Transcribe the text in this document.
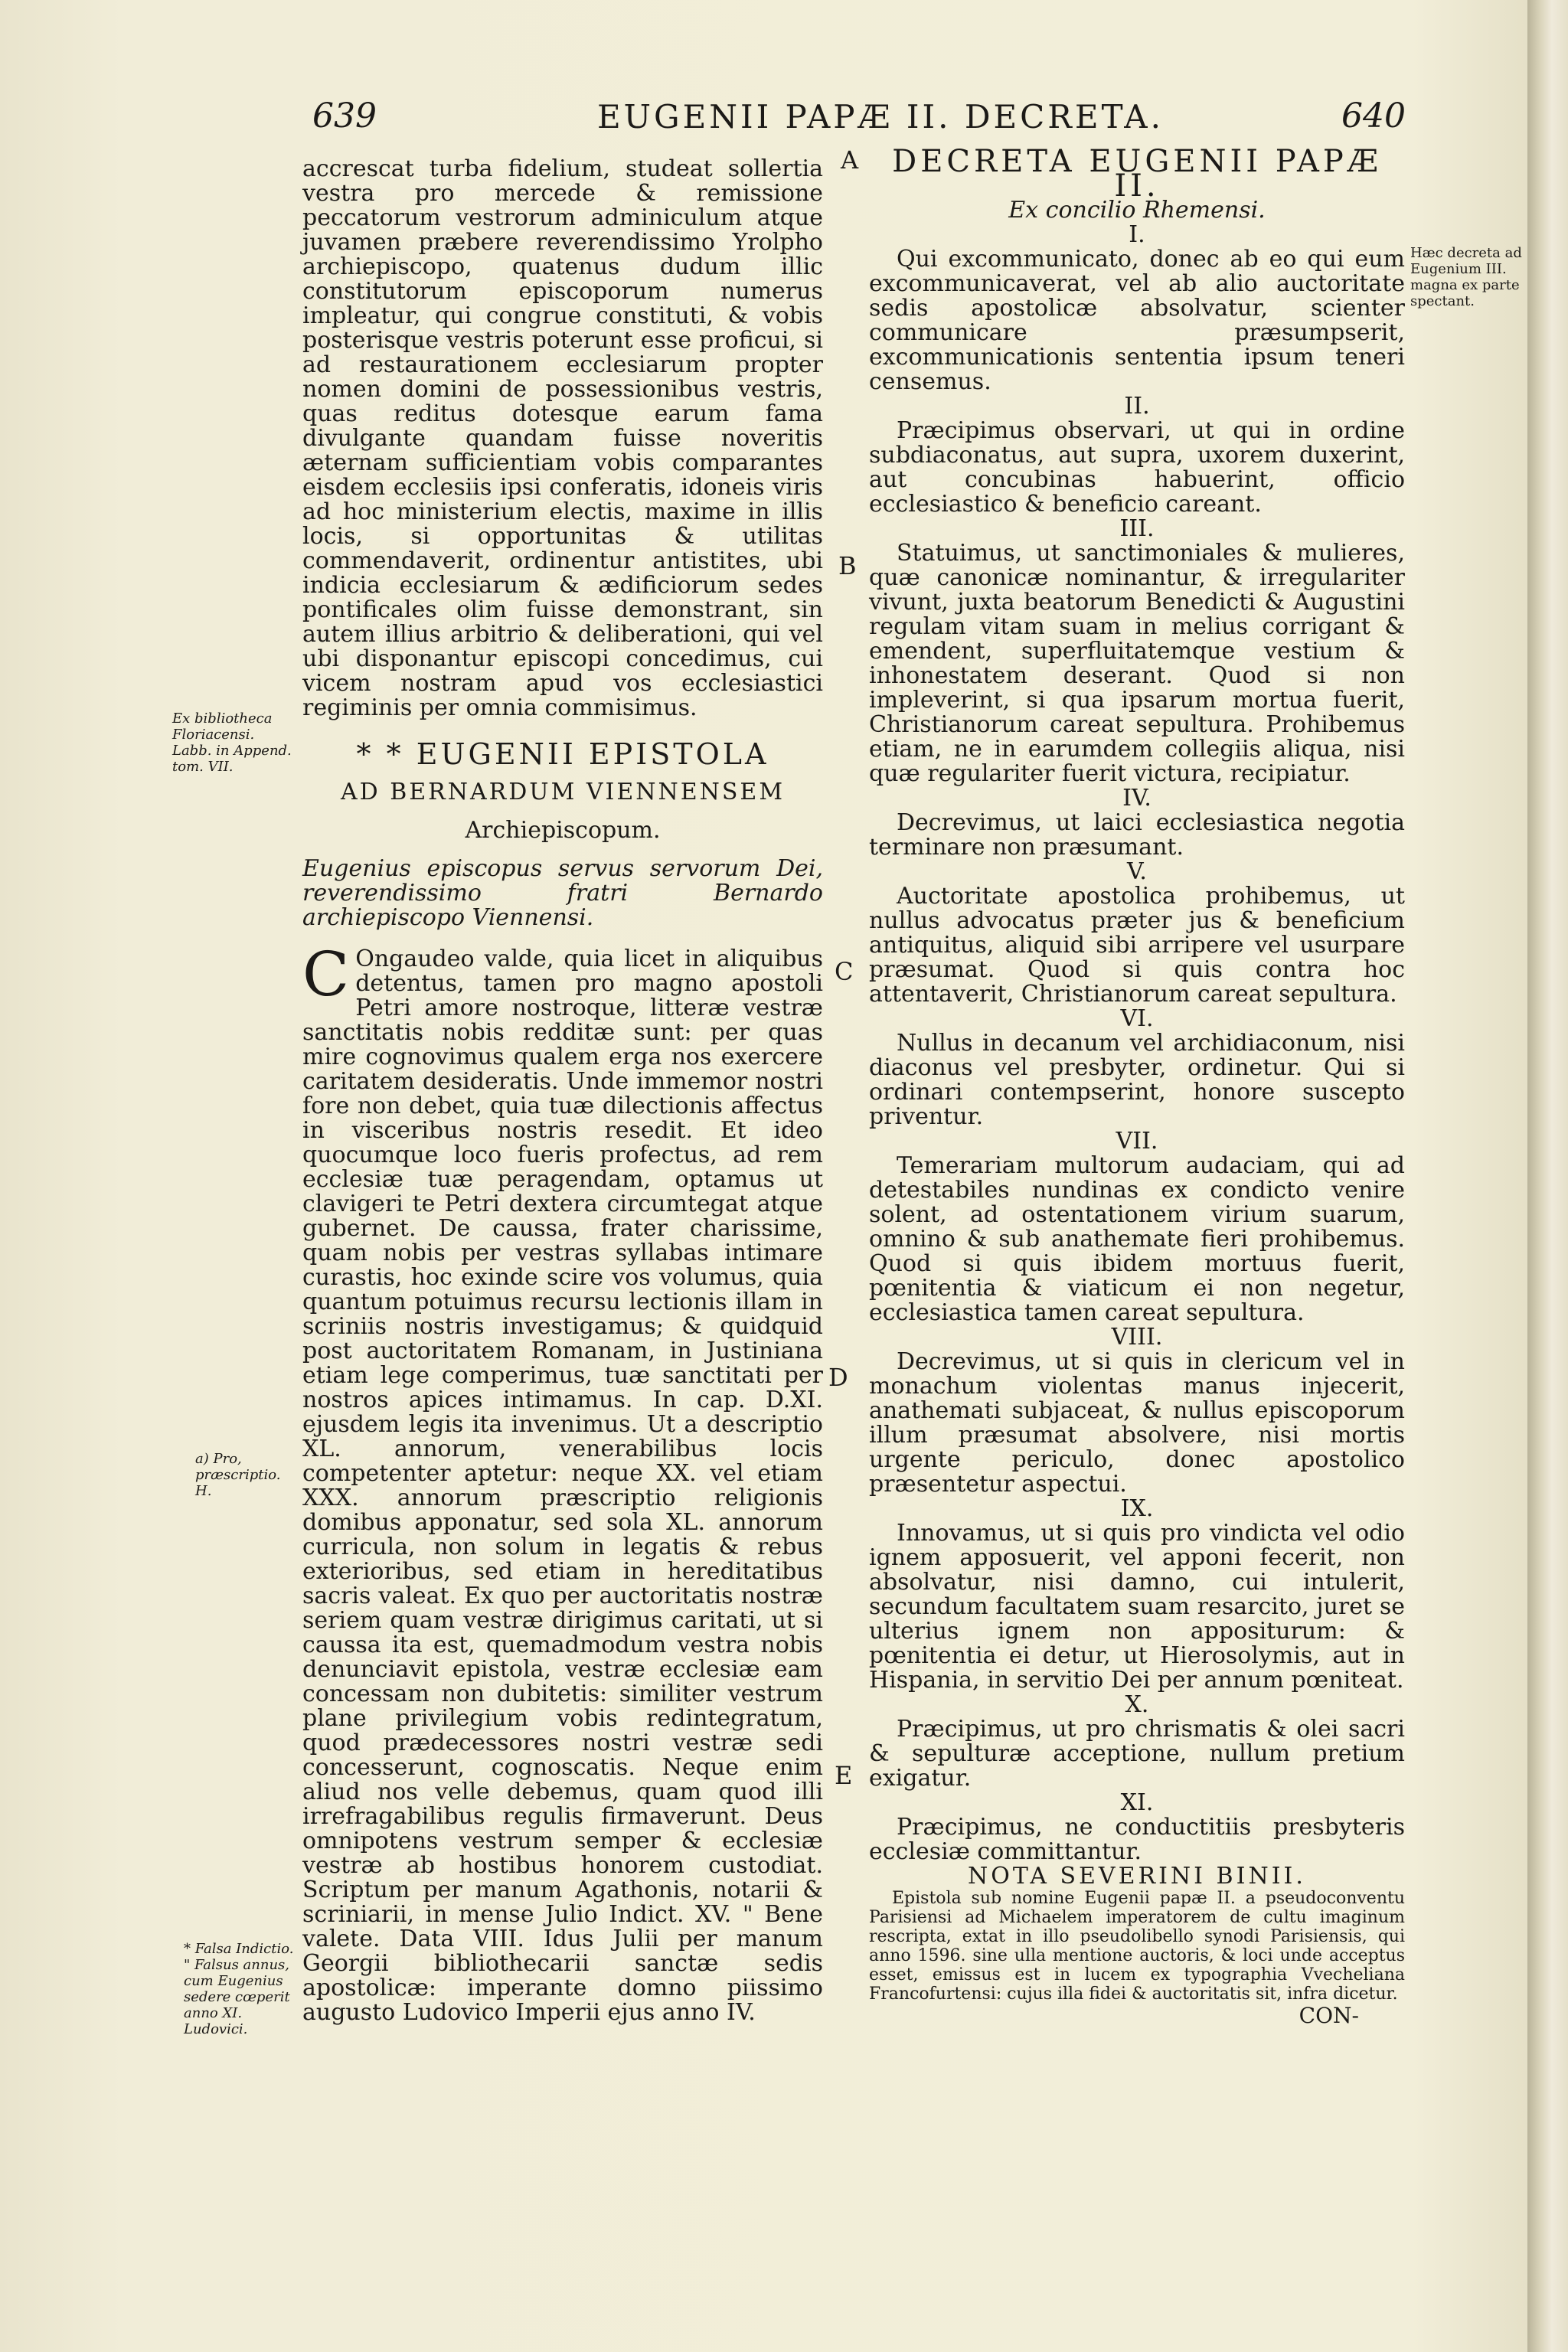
639	EUGENII PAPÆ II. DECRETA.	640
A
B
C
D
E
Ex bibliotheca Floriacensi. Labb. in Append. tom. VII.
a) Pro, præscriptio. H.
* Falsa Indictio. " Falsus annus, cum Eugenius sedere cœperit anno XI. Ludovici.
Hæc decreta ad Eugenium III. magna ex parte spectant.

accrescat turba fidelium, studeat sollertia vestra pro mercede & remissione peccatorum vestrorum adminiculum atque juvamen præbere reverendissimo Yrolpho archiepiscopo, quatenus dudum illic constitutorum episcoporum numerus impleatur, qui congrue constituti, & vobis posterisque vestris poterunt esse proficui, si ad restaurationem ecclesiarum propter nomen domini de possessionibus vestris, quas reditus dotesque earum fama divulgante quandam fuisse noveritis æternam sufficientiam vobis comparantes eisdem ecclesiis ipsi conferatis, idoneis viris ad hoc ministerium electis, maxime in illis locis, si opportunitas & utilitas commendaverit, ordinentur antistites, ubi indicia ecclesiarum & ædificiorum sedes pontificales olim fuisse demonstrant, sin autem illius arbitrio & deliberationi, qui vel ubi disponantur episcopi concedimus, cui vicem nostram apud vos ecclesiastici regiminis per omnia commisimus.

* * EUGENII EPISTOLA

AD BERNARDUM VIENNENSEM

Archiepiscopum.

Eugenius episcopus servus servorum Dei, reverendissimo fratri Bernardo archiepiscopo Viennensi.

C Ongaudeo valde, quia licet in aliquibus detentus, tamen pro magno apostoli Petri amore nostroque, litteræ vestræ sanctitatis nobis redditæ sunt: per quas mire cognovimus qualem erga nos exercere caritatem desideratis. Unde immemor nostri fore non debet, quia tuæ dilectionis affectus in visceribus nostris resedit. Et ideo quocumque loco fueris profectus, ad rem ecclesiæ tuæ peragendam, optamus ut clavigeri te Petri dextera circumtegat atque gubernet. De caussa, frater charissime, quam nobis per vestras syllabas intimare curastis, hoc exinde scire vos volumus, quia quantum potuimus recursu lectionis illam in scriniis nostris investigamus; & quidquid post auctoritatem Romanam, in Justiniana etiam lege comperimus, tuæ sanctitati per nostros apices intimamus. In cap. D.XI. ejusdem legis ita invenimus. Ut a descriptio XL. annorum, venerabilibus locis competenter aptetur: neque XX. vel etiam XXX. annorum præscriptio religionis domibus apponatur, sed sola XL. annorum curricula, non solum in legatis & rebus exterioribus, sed etiam in hereditatibus sacris valeat. Ex quo per auctoritatis nostræ seriem quam vestræ dirigimus caritati, ut si caussa ita est, quemadmodum vestra nobis denunciavit epistola, vestræ ecclesiæ eam concessam non dubitetis: similiter vestrum plane privilegium vobis redintegratum, quod prædecessores nostri vestræ sedi concesserunt, cognoscatis. Neque enim aliud nos velle debemus, quam quod illi irrefragabilibus regulis firmaverunt. Deus omnipotens vestrum semper & ecclesiæ vestræ ab hostibus honorem custodiat. Scriptum per manum Agathonis, notarii & scriniarii, in mense Julio Indict. XV. " Bene valete. Data VIII. Idus Julii per manum Georgii bibliothecarii sanctæ sedis apostolicæ: imperante domno piissimo augusto Ludovico Imperii ejus anno IV.

DECRETA EUGENII PAPÆ II.

Ex concilio Rhemensi.

I.

Qui excommunicato, donec ab eo qui eum excommunicaverat, vel ab alio auctoritate sedis apostolicæ absolvatur, scienter communicare præsumpserit, excommunicationis sententia ipsum teneri censemus.

II.

Præcipimus observari, ut qui in ordine subdiaconatus, aut supra, uxorem duxerint, aut concubinas habuerint, officio ecclesiastico & beneficio careant.

III.

Statuimus, ut sanctimoniales & mulieres, quæ canonicæ nominantur, & irregulariter vivunt, juxta beatorum Benedicti & Augustini regulam vitam suam in melius corrigant & emendent, superfluitatemque vestium & inhonestatem deserant. Quod si non impleverint, si qua ipsarum mortua fuerit, Christianorum careat sepultura. Prohibemus etiam, ne in earumdem collegiis aliqua, nisi quæ regulariter fuerit victura, recipiatur.

IV.

Decrevimus, ut laici ecclesiastica negotia terminare non præsumant.

V.

Auctoritate apostolica prohibemus, ut nullus advocatus præter jus & beneficium antiquitus, aliquid sibi arripere vel usurpare præsumat. Quod si quis contra hoc attentaverit, Christianorum careat sepultura.

VI.

Nullus in decanum vel archidiaconum, nisi diaconus vel presbyter, ordinetur. Qui si ordinari contempserint, honore suscepto priventur.

VII.

Temerariam multorum audaciam, qui ad detestabiles nundinas ex condicto venire solent, ad ostentationem virium suarum, omnino & sub anathemate fieri prohibemus. Quod si quis ibidem mortuus fuerit, pœnitentia & viaticum ei non negetur, ecclesiastica tamen careat sepultura.

VIII.

Decrevimus, ut si quis in clericum vel in monachum violentas manus injecerit, anathemati subjaceat, & nullus episcoporum illum præsumat absolvere, nisi mortis urgente periculo, donec apostolico præsentetur aspectui.

IX.

Innovamus, ut si quis pro vindicta vel odio ignem apposuerit, vel apponi fecerit, non absolvatur, nisi damno, cui intulerit, secundum facultatem suam resarcito, juret se ulterius ignem non appositurum: & pœnitentia ei detur, ut Hierosolymis, aut in Hispania, in servitio Dei per annum pœniteat.

X.

Præcipimus, ut pro chrismatis & olei sacri & sepulturæ acceptione, nullum pretium exigatur.

XI.

Præcipimus, ne conductitiis presbyteris ecclesiæ committantur.

NOTA SEVERINI BINII.

Epistola sub nomine Eugenii papæ II. a pseudoconventu Parisiensi ad Michaelem imperatorem de cultu imaginum rescripta, extat in illo pseudolibello synodi Parisiensis, qui anno 1596. sine ulla mentione auctoris, & loci unde acceptus esset, emissus est in lucem ex typographia Vvecheliana Francofurtensi: cujus illa fidei & auctoritatis sit, infra dicetur.

CON-
